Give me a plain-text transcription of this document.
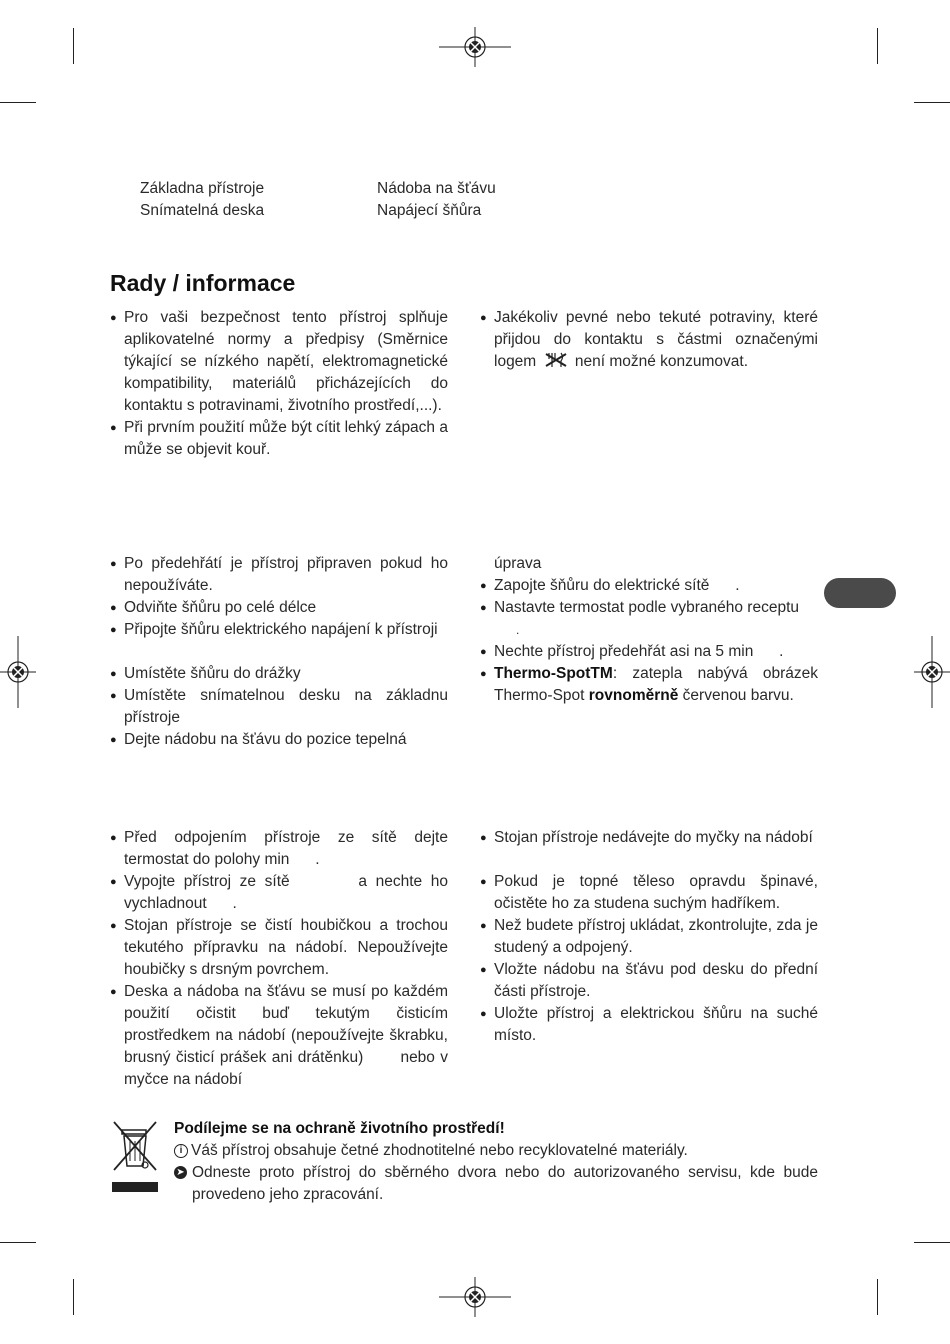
Základna přístroje
Snímatelná deska
Nádoba na šťávu
Napájecí šňůra
Rady / informace
● Pro vaši bezpečnost tento přístroj splňuje aplikovatelné normy a předpisy (Směrnice týkající se nízkého napětí, elektromagnetické kompatibility, materiálů přicházejících do kontaktu s potravinami, životního prostředí,...).
● Při prvním použití může být cítit lehký zápach a může se objevit kouř.
● Jakékoliv pevné nebo tekuté potraviny, které přijdou do kontaktu s částmi označenými logem není možné konzumovat.
● Po předehřátí je přístroj připraven pokud ho nepoužíváte.
● Odviňte šňůru po celé délce
● Připojte šňůru elektrického napájení k přístroji
● Umístěte šňůru do drážky
● Umístěte snímatelnou desku na základnu přístroje
● Dejte nádobu na šťávu do pozice tepelná
úprava
● Zapojte šňůru do elektrické sítě      .
● Nastavte termostat podle vybraného receptu
.
● Nechte přístroj předehřát asi na 5 min      .
● Thermo-SpotTM: zatepla nabývá obrázek Thermo-Spot rovnoměrně červenou barvu.
● Před odpojením přístroje ze sítě dejte termostat do polohy min      .
● Vypojte přístroj ze sítě        a nechte ho vychladnout      .
● Stojan přístroje se čistí houbičkou a trochou tekutého přípravku na nádobí. Nepoužívejte houbičky s drsným povrchem.
● Deska a nádoba na šťávu se musí po každém použití očistit buď tekutým čisticím prostředkem na nádobí (nepoužívejte škrabku, brusný čisticí prášek ani drátěnku)       nebo v myčce na nádobí
● Stojan přístroje nedávejte do myčky na nádobí
● Pokud je topné těleso opravdu špinavé, očistěte ho za studena suchým hadříkem.
● Než budete přístroj ukládat, zkontrolujte, zda je studený a odpojený.
● Vložte nádobu na šťávu pod desku do přední části přístroje.
● Uložte přístroj a elektrickou šňůru na suché místo.
Podílejme se na ochraně životního prostředí!
i Váš přístroj obsahuje četné zhodnotitelné nebo recyklovatelné materiály.
➤ Odneste proto přístroj do sběrného dvora nebo do autorizovaného servisu, kde bude provedeno jeho zpracování.
